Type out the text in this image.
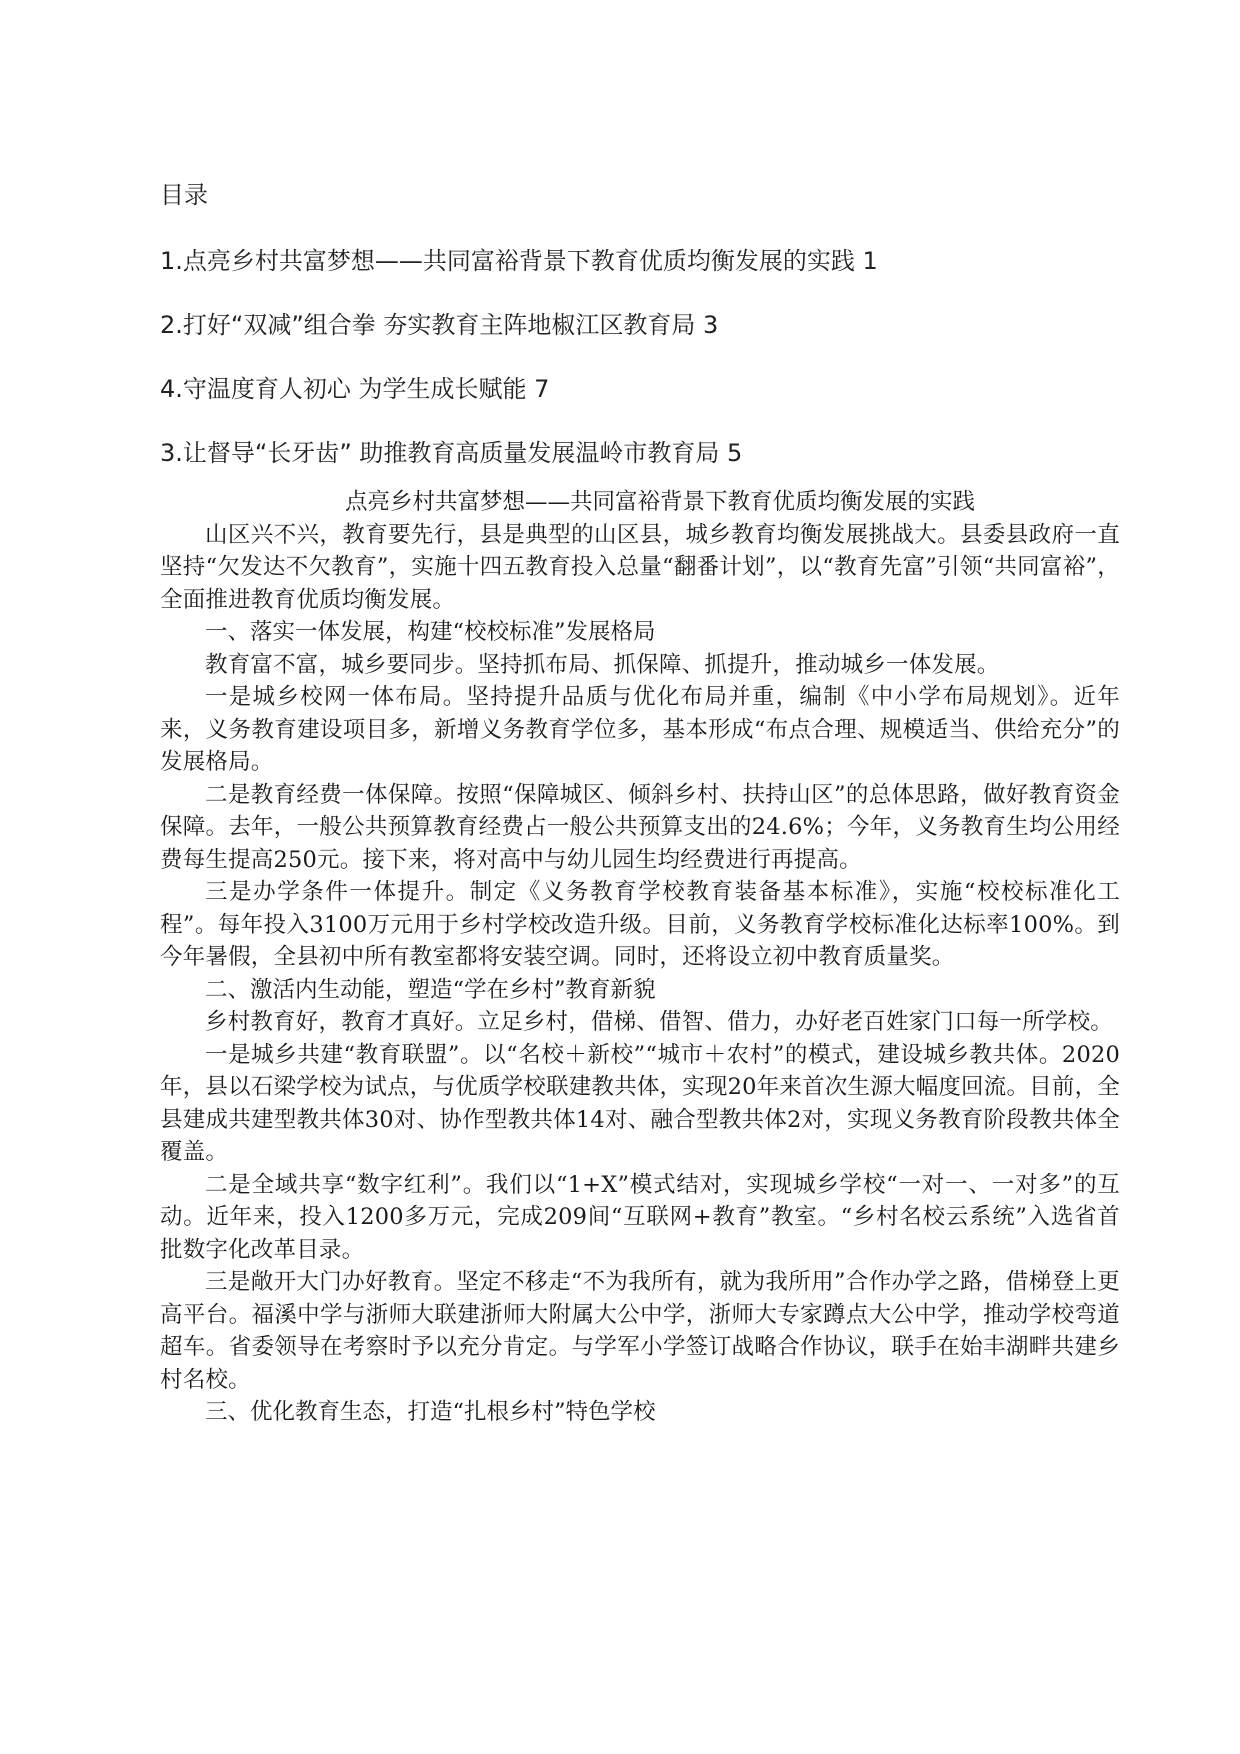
目录
1.点亮乡村共富梦想——共同富裕背景下教育优质均衡发展的实践 1
2.打好“双减”组合拳 夯实教育主阵地椒江区教育局 3
4.守温度育人初心 为学生成长赋能 7
3.让督导“长牙齿” 助推教育高质量发展温岭市教育局 5
点亮乡村共富梦想——共同富裕背景下教育优质均衡发展的实践

山区兴不兴，教育要先行，县是典型的山区县，城乡教育均衡发展挑战大。县委县政府一直坚持“欠发达不欠教育”，实施十四五教育投入总量“翻番计划”，以“教育先富”引领“共同富裕”，全面推进教育优质均衡发展。

一、落实一体发展，构建“校校标准”发展格局

教育富不富，城乡要同步。坚持抓布局、抓保障、抓提升，推动城乡一体发展。

一是城乡校网一体布局。坚持提升品质与优化布局并重，编制《中小学布局规划》。近年来，义务教育建设项目多，新增义务教育学位多，基本形成“布点合理、规模适当、供给充分”的发展格局。

二是教育经费一体保障。按照“保障城区、倾斜乡村、扶持山区”的总体思路，做好教育资金保障。去年，一般公共预算教育经费占一般公共预算支出的24.6%；今年，义务教育生均公用经费每生提高250元。接下来，将对高中与幼儿园生均经费进行再提高。

三是办学条件一体提升。制定《义务教育学校教育装备基本标准》，实施“校校标准化工程”。每年投入3100万元用于乡村学校改造升级。目前，义务教育学校标准化达标率100%。到今年暑假，全县初中所有教室都将安装空调。同时，还将设立初中教育质量奖。

二、激活内生动能，塑造“学在乡村”教育新貌

乡村教育好，教育才真好。立足乡村，借梯、借智、借力，办好老百姓家门口每一所学校。

一是城乡共建“教育联盟”。以“名校＋新校”“城市＋农村”的模式，建设城乡教共体。2020年，县以石梁学校为试点，与优质学校联建教共体，实现20年来首次生源大幅度回流。目前，全县建成共建型教共体30对、协作型教共体14对、融合型教共体2对，实现义务教育阶段教共体全覆盖。

二是全域共享“数字红利”。我们以“1+X”模式结对，实现城乡学校“一对一、一对多”的互动。近年来，投入1200多万元，完成209间“互联网+教育”教室。“乡村名校云系统”入选省首批数字化改革目录。

三是敞开大门办好教育。坚定不移走“不为我所有，就为我所用”合作办学之路，借梯登上更高平台。福溪中学与浙师大联建浙师大附属大公中学，浙师大专家蹲点大公中学，推动学校弯道超车。省委领导在考察时予以充分肯定。与学军小学签订战略合作协议，联手在始丰湖畔共建乡村名校。

三、优化教育生态，打造“扎根乡村”特色学校
